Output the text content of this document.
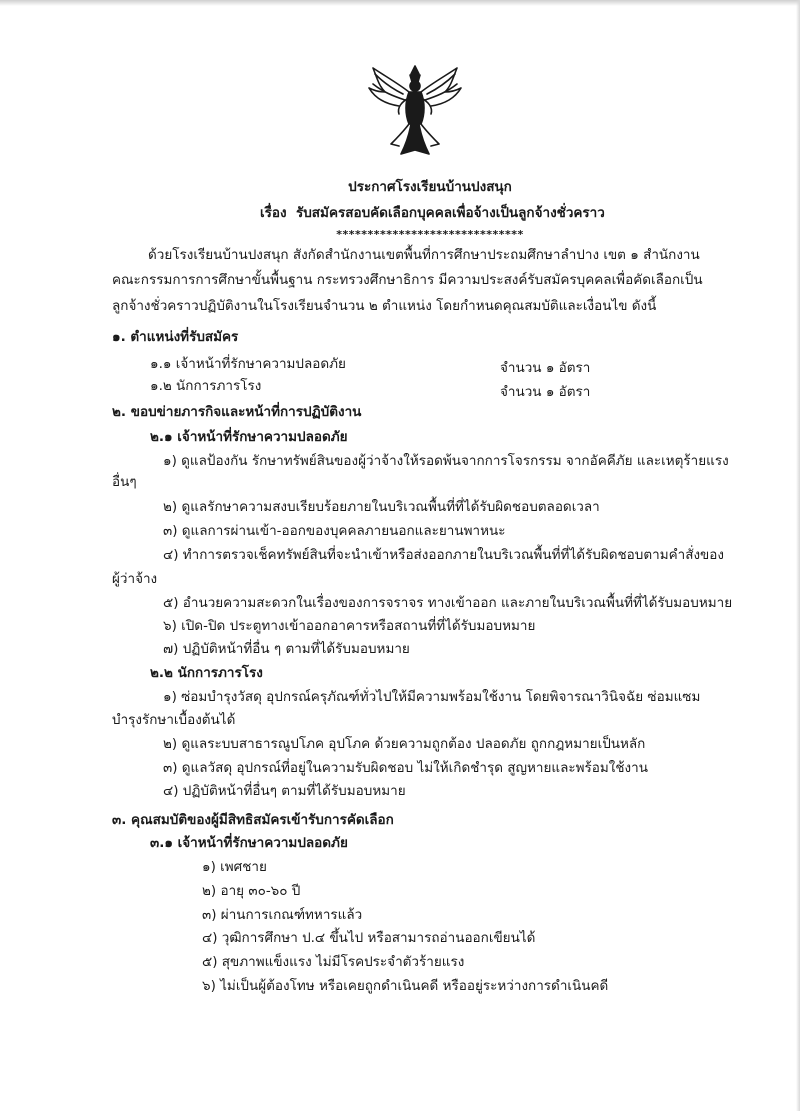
ประกาศโรงเรียนบ้านปงสนุก
เรื่อง รับสมัครสอบคัดเลือกบุคคลเพื่อจ้างเป็นลูกจ้างชั่วคราว
******************************
ด้วยโรงเรียนบ้านปงสนุก สังกัดสำนักงานเขตพื้นที่การศึกษาประถมศึกษาลำปาง เขต ๑ สำนักงาน
คณะกรรมการการศึกษาขั้นพื้นฐาน กระทรวงศึกษาธิการ มีความประสงค์รับสมัครบุคคลเพื่อคัดเลือกเป็น
ลูกจ้างชั่วคราวปฏิบัติงานในโรงเรียนจำนวน ๒ ตำแหน่ง โดยกำหนดคุณสมบัติและเงื่อนไข ดังนี้
๑. ตำแหน่งที่รับสมัคร
๑.๑ เจ้าหน้าที่รักษาความปลอดภัย	จำนวน ๑ อัตรา
๑.๒ นักการภารโรง	จำนวน ๑ อัตรา
๒. ขอบข่ายภารกิจและหน้าที่การปฏิบัติงาน
๒.๑ เจ้าหน้าที่รักษาความปลอดภัย
๑) ดูแลป้องกัน รักษาทรัพย์สินของผู้ว่าจ้างให้รอดพ้นจากการโจรกรรม จากอัคคีภัย และเหตุร้ายแรง
อื่นๆ
๒) ดูแลรักษาความสงบเรียบร้อยภายในบริเวณพื้นที่ที่ได้รับผิดชอบตลอดเวลา
๓) ดูแลการผ่านเข้า-ออกของบุคคลภายนอกและยานพาหนะ
๔) ทำการตรวจเช็คทรัพย์สินที่จะนำเข้าหรือส่งออกภายในบริเวณพื้นที่ที่ได้รับผิดชอบตามคำสั่งของ
ผู้ว่าจ้าง
๕) อำนวยความสะดวกในเรื่องของการจราจร ทางเข้าออก และภายในบริเวณพื้นที่ที่ได้รับมอบหมาย
๖) เปิด-ปิด ประตูทางเข้าออกอาคารหรือสถานที่ที่ได้รับมอบหมาย
๗) ปฏิบัติหน้าที่อื่น ๆ ตามที่ได้รับมอบหมาย
๒.๒ นักการภารโรง
๑) ซ่อมบำรุงวัสดุ อุปกรณ์ครุภัณฑ์ทั่วไปให้มีความพร้อมใช้งาน โดยพิจารณาวินิจฉัย ซ่อมแซม
บำรุงรักษาเบื้องต้นได้
๒) ดูแลระบบสาธารณูปโภค อุปโภค ด้วยความถูกต้อง ปลอดภัย ถูกกฎหมายเป็นหลัก
๓) ดูแลวัสดุ อุปกรณ์ที่อยู่ในความรับผิดชอบ ไม่ให้เกิดชำรุด สูญหายและพร้อมใช้งาน
๔) ปฏิบัติหน้าที่อื่นๆ ตามที่ได้รับมอบหมาย
๓. คุณสมบัติของผู้มีสิทธิสมัครเข้ารับการคัดเลือก
๓.๑ เจ้าหน้าที่รักษาความปลอดภัย
๑) เพศชาย
๒) อายุ ๓๐-๖๐ ปี
๓) ผ่านการเกณฑ์ทหารแล้ว
๔) วุฒิการศึกษา ป.๔ ขึ้นไป หรือสามารถอ่านออกเขียนได้
๕) สุขภาพแข็งแรง ไม่มีโรคประจำตัวร้ายแรง
๖) ไม่เป็นผู้ต้องโทษ หรือเคยถูกดำเนินคดี หรืออยู่ระหว่างการดำเนินคดี
